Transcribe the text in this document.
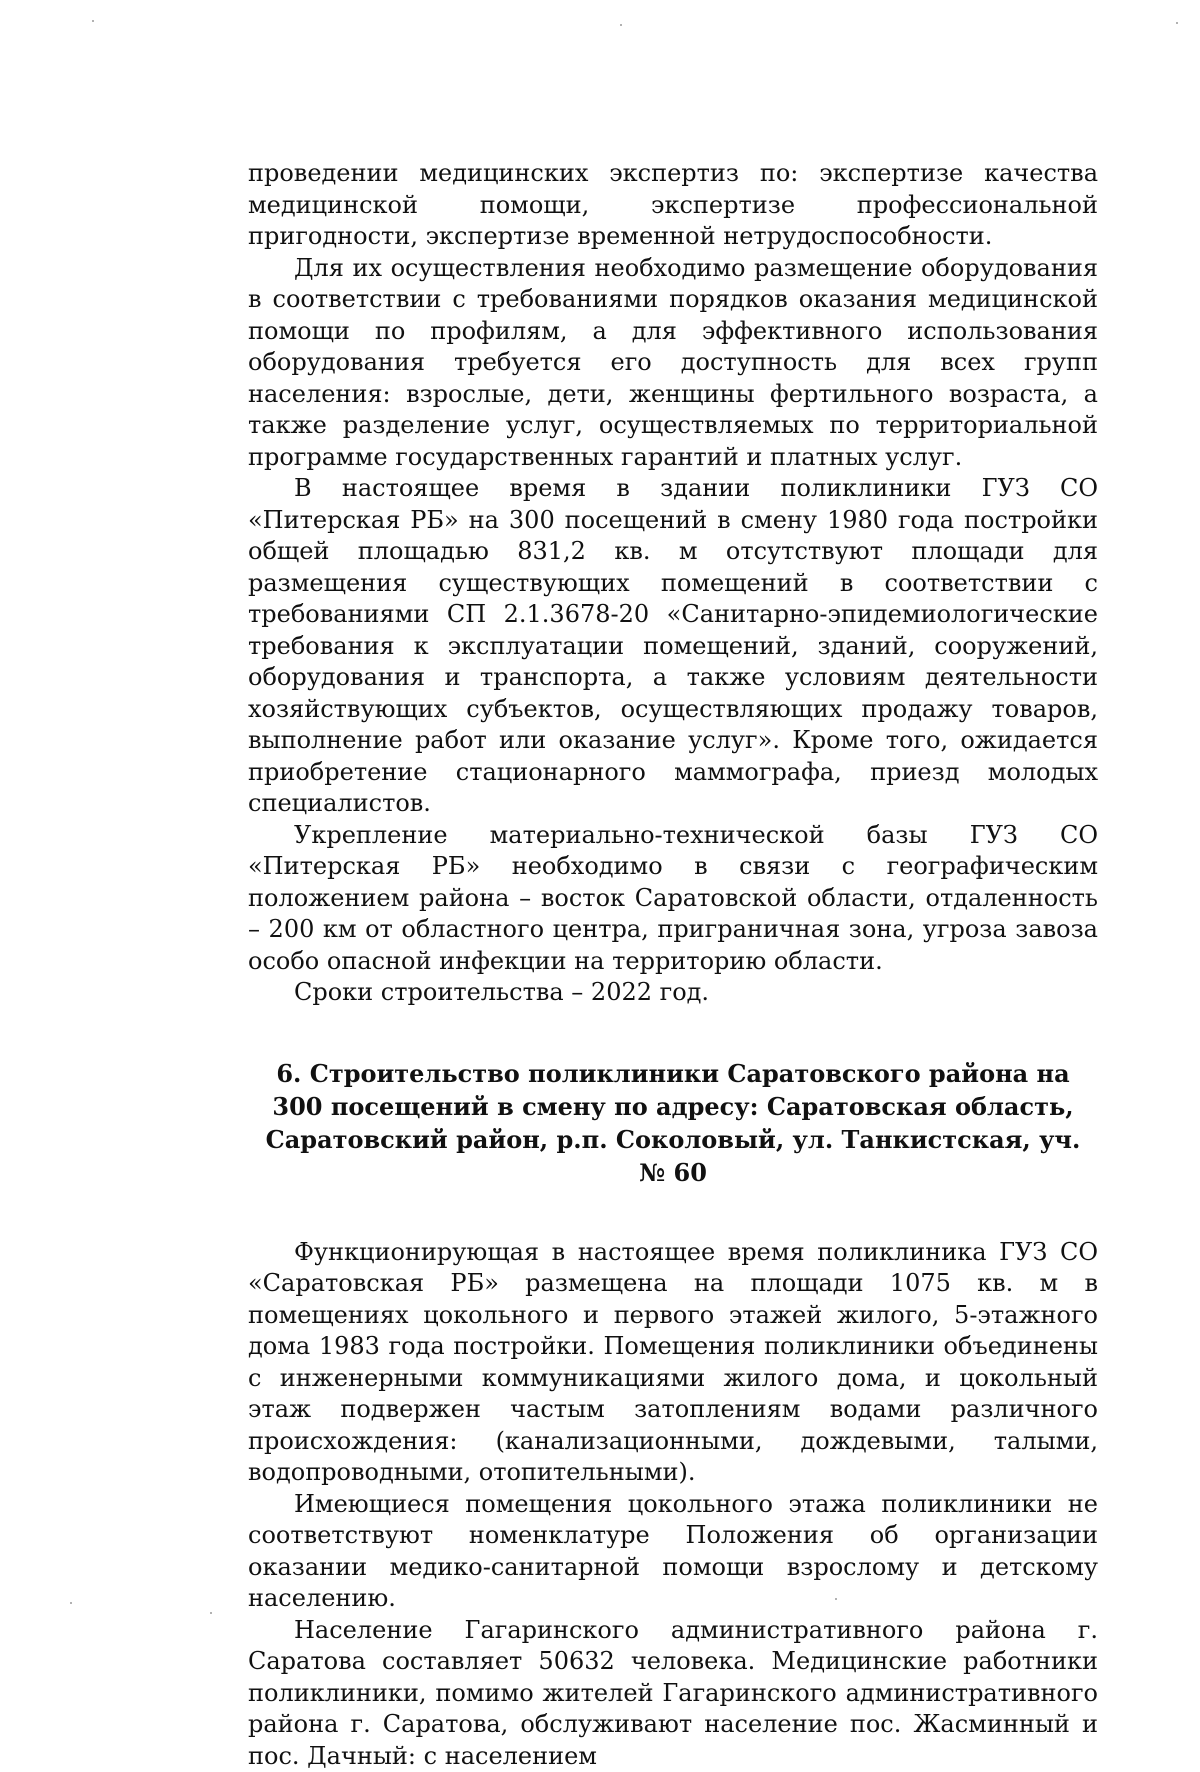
проведении медицинских экспертиз по: экспертизе качества медицинской помощи, экспертизе профессиональной пригодности, экспертизе временной нетрудоспособности.

Для их осуществления необходимо размещение оборудования в соответствии с требованиями порядков оказания медицинской помощи по профилям, а для эффективного использования оборудования требуется его доступность для всех групп населения: взрослые, дети, женщины фертильного возраста, а также разделение услуг, осуществляемых по территориальной программе государственных гарантий и платных услуг.

В настоящее время в здании поликлиники ГУЗ СО «Питерская РБ» на 300 посещений в смену 1980 года постройки общей площадью 831,2 кв. м отсутствуют площади для размещения существующих помещений в соответствии с требованиями СП 2.1.3678-20 «Санитарно-эпидемиологические требования к эксплуатации помещений, зданий, сооружений, оборудования и транспорта, а также условиям деятельности хозяйствующих субъектов, осуществляющих продажу товаров, выполнение работ или оказание услуг». Кроме того, ожидается приобретение стационарного маммографа, приезд молодых специалистов.

Укрепление материально-технической базы ГУЗ СО «Питерская РБ» необходимо в связи с географическим положением района – восток Саратовской области, отдаленность – 200 км от областного центра, приграничная зона, угроза завоза особо опасной инфекции на территорию области.

Сроки строительства – 2022 год.

6. Строительство поликлиники Саратовского района на 300 посещений в смену по адресу: Саратовская область, Саратовский район, р.п. Соколовый, ул. Танкистская, уч. № 60

Функционирующая в настоящее время поликлиника ГУЗ СО «Саратовская РБ» размещена на площади 1075 кв. м в помещениях цокольного и первого этажей жилого, 5-этажного дома 1983 года постройки. Помещения поликлиники объединены с инженерными коммуникациями жилого дома, и цокольный этаж подвержен частым затоплениям водами различного происхождения: (канализационными, дождевыми, талыми, водопроводными, отопительными).

Имеющиеся помещения цокольного этажа поликлиники не соответствуют номенклатуре Положения об организации оказании медико-санитарной помощи взрослому и детскому населению.

Население Гагаринского административного района г. Саратова составляет 50632 человека. Медицинские работники поликлиники, помимо жителей Гагаринского административного района г. Саратова, обслуживают население пос. Жасминный и пос. Дачный: с населением
